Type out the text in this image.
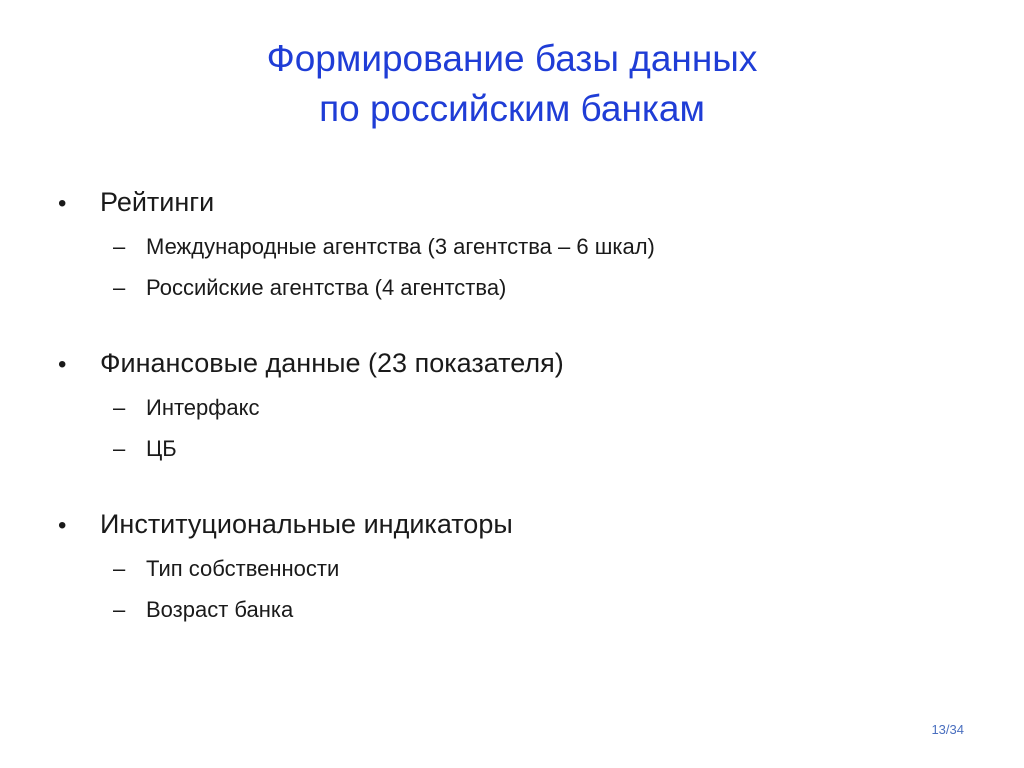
Формирование базы данных
по российским банкам
•	Рейтинги
– Международные агентства (3 агентства – 6 шкал)
– Российские агентства (4 агентства)
•	Финансовые данные (23 показателя)
– Интерфакс
– ЦБ
•	Институциональные индикаторы
– Тип собственности
– Возраст банка
13/34
